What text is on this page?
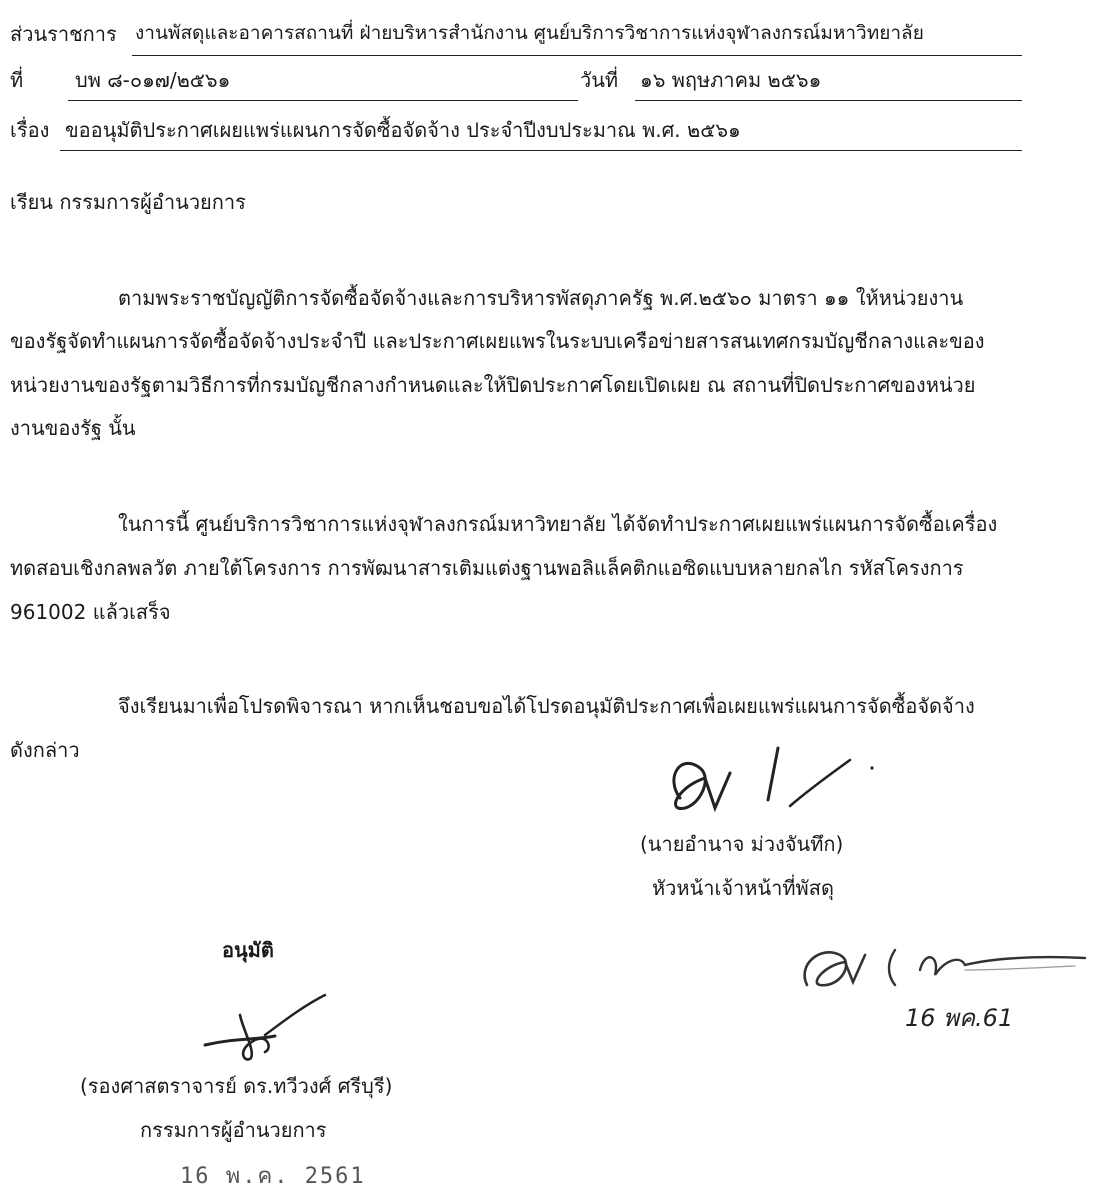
ส่วนราชการ งานพัสดุและอาคารสถานที่ ฝ่ายบริหารสำนักงาน ศูนย์บริการวิชาการแห่งจุฬาลงกรณ์มหาวิทยาลัย
ที่	บพ ๘-๐๑๗/๒๕๖๑	วันที่ ๑๖ พฤษภาคม ๒๕๖๑
เรื่อง ขออนุมัติประกาศเผยแพร่แผนการจัดซื้อจัดจ้าง ประจำปีงบประมาณ พ.ศ. ๒๕๖๑
เรียน กรรมการผู้อำนวยการ
ตามพระราชบัญญัติการจัดซื้อจัดจ้างและการบริหารพัสดุภาครัฐ พ.ศ.๒๕๖๐ มาตรา ๑๑ ให้หน่วยงาน
ของรัฐจัดทำแผนการจัดซื้อจัดจ้างประจำปี และประกาศเผยแพรในระบบเครือข่ายสารสนเทศกรมบัญชีกลางและของ
หน่วยงานของรัฐตามวิธีการที่กรมบัญชีกลางกำหนดและให้ปิดประกาศโดยเปิดเผย ณ สถานที่ปิดประกาศของหน่วย
งานของรัฐ นั้น
ในการนี้ ศูนย์บริการวิชาการแห่งจุฬาลงกรณ์มหาวิทยาลัย ได้จัดทำประกาศเผยแพร่แผนการจัดซื้อเครื่อง
ทดสอบเชิงกลพลวัต ภายใต้โครงการ การพัฒนาสารเติมแต่งฐานพอลิแล็คติกแอซิดแบบหลายกลไก รหัสโครงการ
961002 แล้วเสร็จ
จึงเรียนมาเพื่อโปรดพิจารณา หากเห็นชอบขอได้โปรดอนุมัติประกาศเพื่อเผยแพร่แผนการจัดซื้อจัดจ้าง
ดังกล่าว
(นายอำนาจ ม่วงจันทึก)
หัวหน้าเจ้าหน้าที่พัสดุ
อนุมัติ
(รองศาสตราจารย์ ดร.ทวีวงศ์ ศรีบุรี)
กรรมการผู้อำนวยการ
16 พ.ค. 2561
16 พค.61
